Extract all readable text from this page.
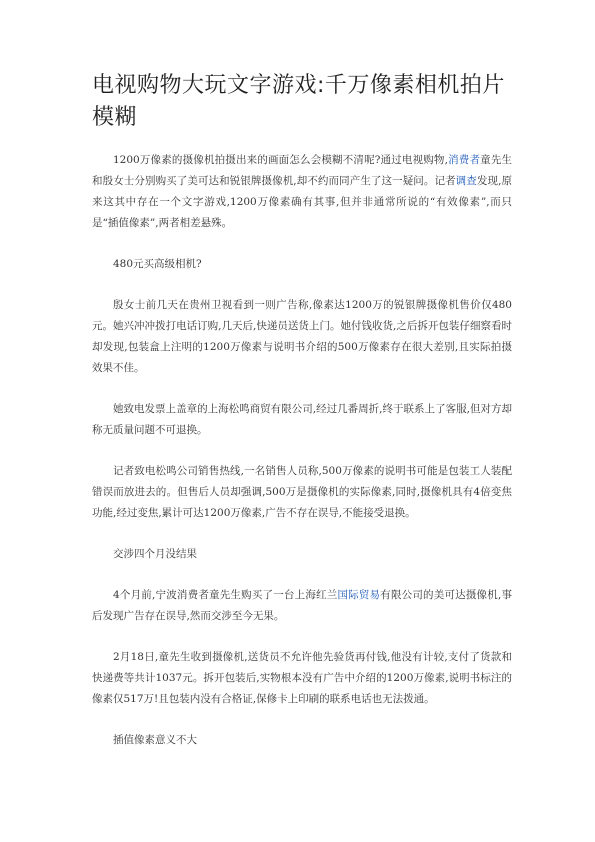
电视购物大玩文字游戏:千万像素相机拍片模糊

1200万像素的摄像机拍摄出来的画面怎么会模糊不清呢?通过电视购物,消费者童先生和殷女士分别购买了美可达和锐银牌摄像机,却不约而同产生了这一疑问。记者调查发现,原来这其中存在一个文字游戏,1200万像素确有其事,但并非通常所说的“有效像素”,而只是“插值像素”,两者相差悬殊。

480元买高级相机?

殷女士前几天在贵州卫视看到一则广告称,像素达1200万的锐银牌摄像机售价仅480元。她兴冲冲拨打电话订购,几天后,快递员送货上门。她付钱收货,之后拆开包装仔细察看时却发现,包装盒上注明的1200万像素与说明书介绍的500万像素存在很大差别,且实际拍摄效果不佳。

她致电发票上盖章的上海松鸣商贸有限公司,经过几番周折,终于联系上了客服,但对方却称无质量问题不可退换。

记者致电松鸣公司销售热线,一名销售人员称,500万像素的说明书可能是包装工人装配错误而放进去的。但售后人员却强调,500万是摄像机的实际像素,同时,摄像机具有4倍变焦功能,经过变焦,累计可达1200万像素,广告不存在误导,不能接受退换。

交涉四个月没结果

4个月前,宁波消费者童先生购买了一台上海红兰国际贸易有限公司的美可达摄像机,事后发现广告存在误导,然而交涉至今无果。

2月18日,童先生收到摄像机,送货员不允许他先验货再付钱,他没有计较,支付了货款和快递费等共计1037元。拆开包装后,实物根本没有广告中介绍的1200万像素,说明书标注的像素仅517万!且包装内没有合格证,保修卡上印刷的联系电话也无法拨通。

插值像素意义不大
